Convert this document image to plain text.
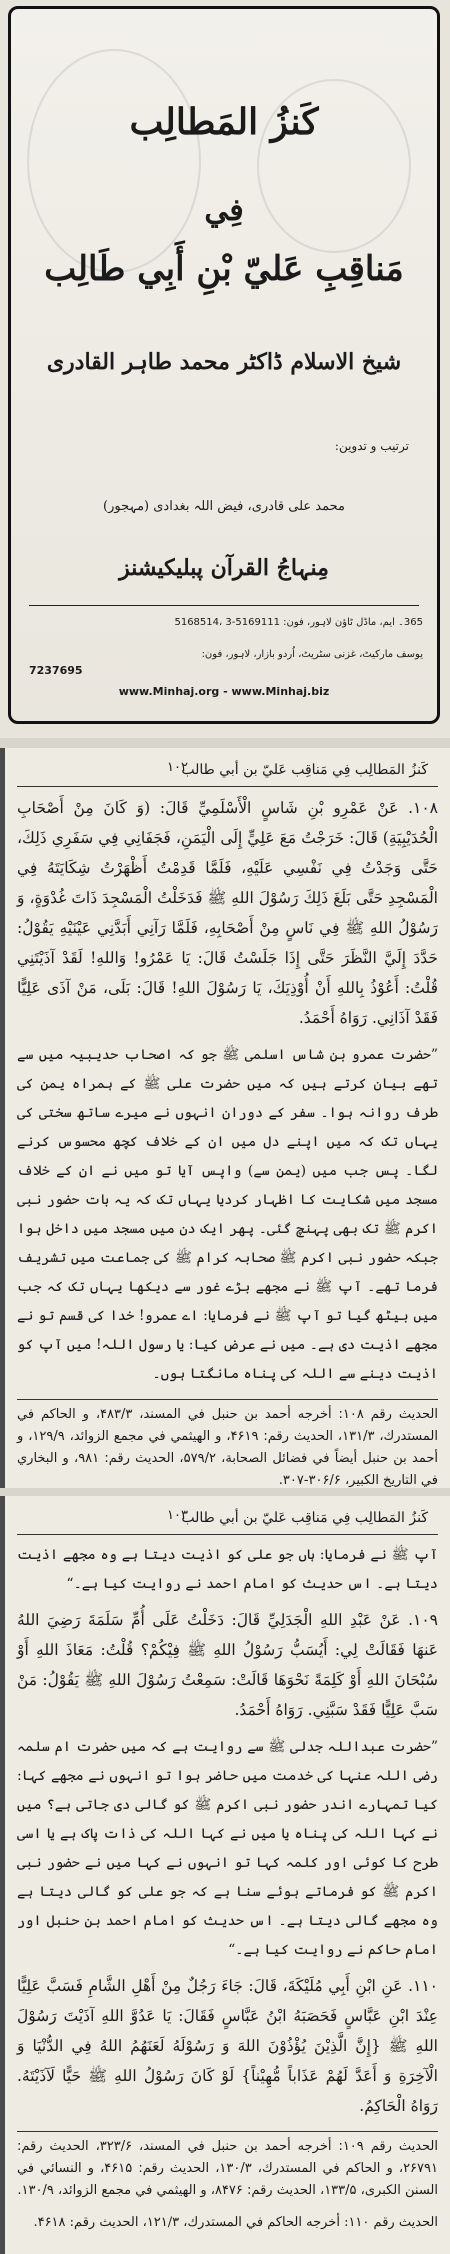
كَنزُ المَطالِب
فِي
مَناقِبِ عَليّ بْنِ أَبِي طَالِب
شيخ الاسلام ڈاکٹر محمد طاہر القادری
ترتیب و تدوین:
محمد علی قادری، فیض اللہ بغدادی (مہجور)
مِنہاجُ القرآن پبلیکیشنز
365۔ ایم، ماڈل ٹاؤن لاہور، فون: 5169111-3 ،5168514
یوسف مارکیٹ، غزنی سٹریٹ، اُردو بازار، لاہور، فون:
7237695
www.Minhaj.org - www.Minhaj.biz
كَنزُ المَطالِب فِي مَناقِب عَليّ بن أبي طالب
۱۰۲

۱۰۸. عَنْ عَمْرِو بْنِ شَاسٍ الْأَسْلَمِيِّ قَالَ: (وَ كَانَ مِنْ أَصْحَابِ الْحُدَيْبِيَةِ) قَالَ: خَرَجْتُ مَعَ عَلِيٍّ إِلَى الْيَمَنِ، فَجَفَانِي فِي سَفَرِي ذَلِكَ، حَتَّى وَجَدْتُ فِي نَفْسِي عَلَيْهِ، فَلَمَّا قَدِمْتُ أَظْهَرْتُ شِكَايَتَهُ فِي الْمَسْجِدِ حَتَّى بَلَغَ ذَلِكَ رَسُوْلَ اللهِ ﷺ فَدَخَلْتُ الْمَسْجِدَ ذَاتَ غُدْوَةٍ، وَ رَسُوْلُ اللهِ ﷺ فِي نَاسٍ مِنْ أَصْحَابِهِ، فَلَمَّا رَآنِي أَبَدَّنِي عَيْنَيْهِ يَقُوْلُ: حَدَّدَ إِلَيَّ النَّظَرَ حَتَّى إِذَا جَلَسْتُ قَالَ: يَا عَمْرُو! وَاللهِ! لَقَدْ آذَيْتَنِي قُلْتُ: أَعُوْذُ بِاللهِ أَنْ أُوْذِيَكَ، يَا رَسُوْلَ اللهِ! قَالَ: بَلَى، مَنْ آذَى عَلِيًّا فَقَدْ آذَانِي. رَوَاهُ أَحْمَدُ.

”حضرت عمرو بن شاس اسلمی ﷺ جو کہ اصحاب حدیبیہ میں سے تھے بیان کرتے ہیں کہ میں حضرت علی ﷺ کے ہمراہ یمن کی طرف روانہ ہوا۔ سفر کے دوران انہوں نے میرے ساتھ سختی کی یہاں تک کہ میں اپنے دل میں ان کے خلاف کچھ محسوس کرنے لگا۔ پس جب میں (یمن سے) واپس آیا تو میں نے ان کے خلاف مسجد میں شکایت کا اظہار کردیا یہاں تک کہ یہ بات حضور نبی اکرم ﷺ تک بھی پہنچ گئی۔ پھر ایک دن میں مسجد میں داخل ہوا جبکہ حضور نبی اکرم ﷺ صحابہ کرام ﷺ کی جماعت میں تشریف فرما تھے۔ آپ ﷺ نے مجھے بڑے غور سے دیکھا یہاں تک کہ جب میں بیٹھ گیا تو آپ ﷺ نے فرمایا: اے عمرو! خدا کی قسم تو نے مجھے اذیت دی ہے۔ میں نے عرض کیا: یا رسول اللہ! میں آپ کو اذیت دینے سے اللہ کی پناہ مانگتا ہوں۔

الحديث رقم ۱۰۸: أخرجه أحمد بن حنبل في المسند، ۴۸۳/۳، و الحاكم في المستدرك، ۱۳۱/۳، الحديث رقم: ۴۶۱۹، و الهيثمي في مجمع الزوائد، ۱۲۹/۹، و أحمد بن حنبل أيضاً في فضائل الصحابة، ۵۷۹/۲، الحديث رقم: ۹۸۱، و البخاري في التاريخ الكبير، ۳۰۶/۶-۳۰۷.
كَنزُ المَطالِب فِي مَناقِب عَليّ بن أبي طالب
۱۰۳

آپ ﷺ نے فرمایا: ہاں جو علی کو اذیت دیتا ہے وہ مجھے اذیت دیتا ہے۔ اس حدیث کو امام احمد نے روایت کیا ہے۔“

۱۰۹. عَنْ عَبْدِ اللهِ الْجَدَلِيِّ قَالَ: دَخَلْتُ عَلَى أُمِّ سَلَمَةَ رَضِيَ اللهُ عَنهَا فَقَالَتْ لِي: أَيُسَبُّ رَسُوْلُ اللهِ ﷺ فِيْكُمْ؟ قُلْتُ: مَعَاذَ اللهِ أَوْ سُبْحَانَ اللهِ أَوْ كَلِمَةً نَحْوَهَا قَالَتْ: سَمِعْتُ رَسُوْلَ اللهِ ﷺ يَقُوْلُ: مَنْ سَبَّ عَلِيًّا فَقَدْ سَبَّنِي. رَوَاهُ أَحْمَدُ.

”حضرت عبداللہ جدلی ﷺ سے روایت ہے کہ میں حضرت ام سلمہ رضی اللہ عنہا کی خدمت میں حاضر ہوا تو انہوں نے مجھے کہا: کیا تمہارے اندر حضور نبی اکرم ﷺ کو گالی دی جاتی ہے؟ میں نے کہا اللہ کی پناہ یا میں نے کہا اللہ کی ذات پاک ہے یا اسی طرح کا کوئی اور کلمہ کہا تو انہوں نے کہا میں نے حضور نبی اکرم ﷺ کو فرماتے ہوئے سنا ہے کہ جو علی کو گالی دیتا ہے وہ مجھے گالی دیتا ہے۔ اس حدیث کو امام احمد بن حنبل اور امام حاکم نے روایت کیا ہے۔“

۱۱۰. عَنِ ابْنِ أَبِي مُلَيْكَةَ، قَالَ: جَاءَ رَجُلٌ مِنْ أَهْلِ الشَّامِ فَسَبَّ عَلِيًّا عِنْدَ ابْنِ عَبَّاسٍ فَحَصَبَهُ ابْنُ عَبَّاسٍ فَقَالَ: يَا عَدُوَّ اللهِ آذَيْتَ رَسُوْلَ اللهِ ﷺ {إِنَّ الَّذِيْنَ يُؤْذُوْنَ اللهَ وَ رَسُوْلَهُ لَعَنَهُمُ اللهُ فِي الدُّنْيَا وَ الْآخِرَةِ وَ أَعَدَّ لَهُمْ عَذَاباً مُّهِيْناً} لَوْ كَانَ رَسُوْلُ اللهِ ﷺ حَيًّا لَآذَيْتَهُ. رَوَاهُ الْحَاكِمُ.

الحديث رقم ۱۰۹: أخرجه أحمد بن حنبل في المسند، ۳۲۳/۶، الحديث رقم: ۲۶۷۹۱، و الحاكم في المستدرك، ۱۳۰/۳، الحديث رقم: ۴۶۱۵، و النسائي في السنن الكبرى، ۱۳۳/۵، الحديث رقم: ۸۴۷۶، و الهيثمي في مجمع الزوائد، ۱۳۰/۹.
الحديث رقم ۱۱۰: أخرجه الحاكم في المستدرك، ۱۲۱/۳، الحديث رقم: ۴۶۱۸.
